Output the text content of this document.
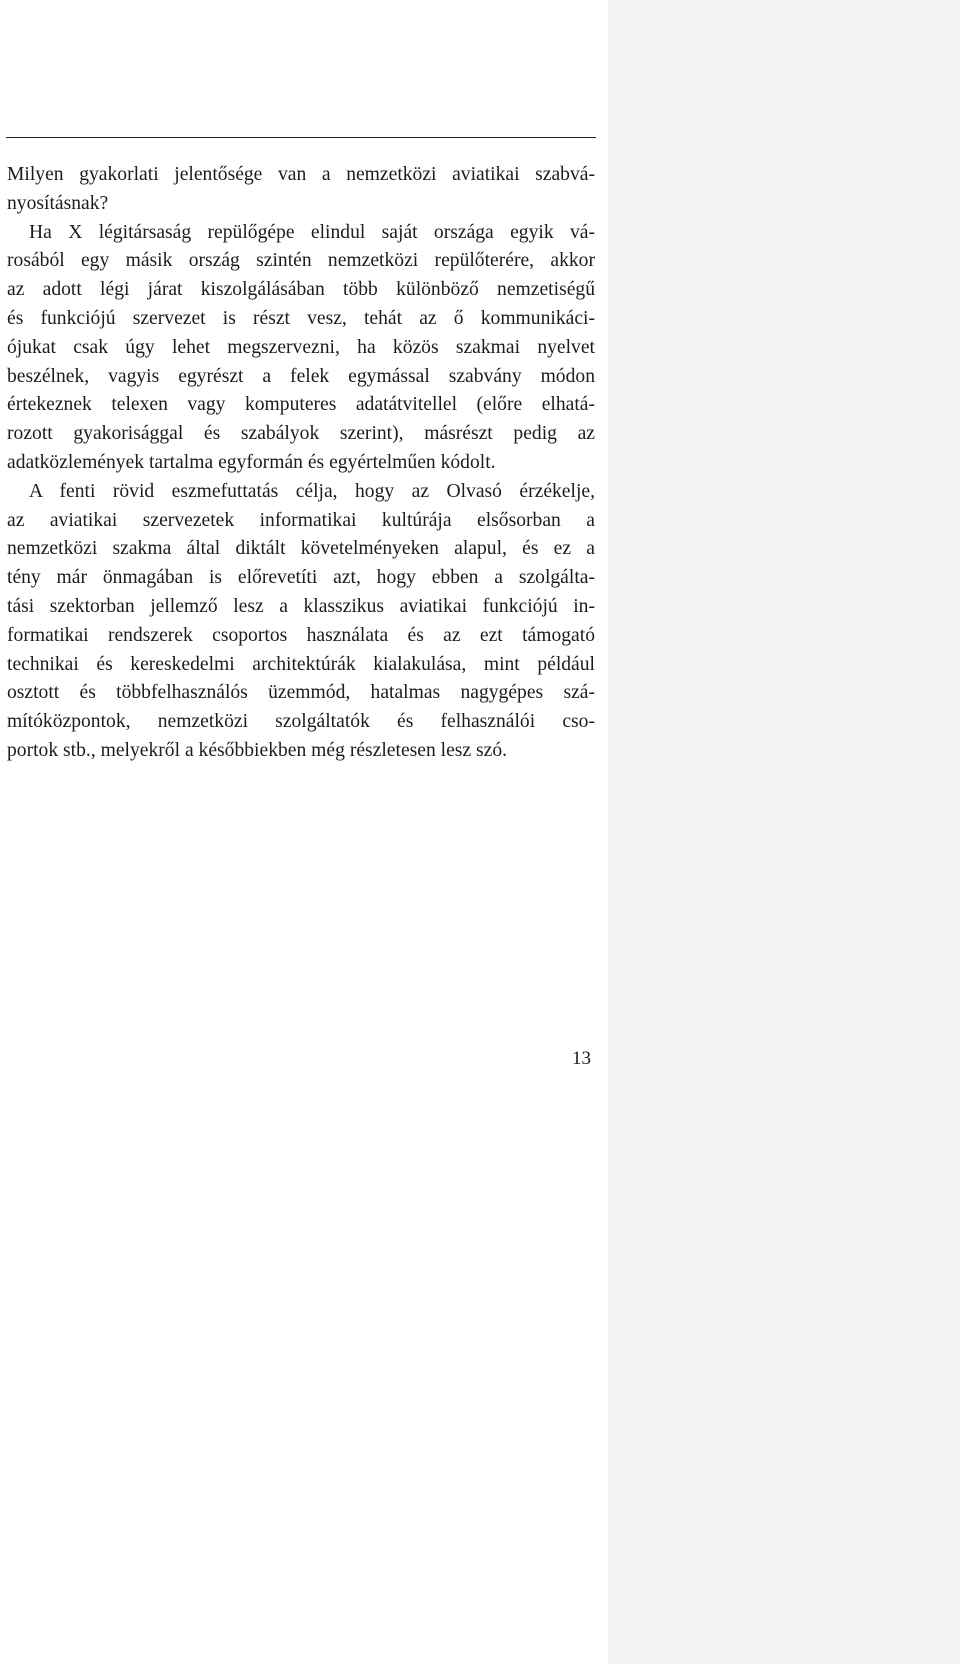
Milyen gyakorlati jelentősége van a nemzetközi aviatikai szabvá-
nyosításnak?
Ha X légitársaság repülőgépe elindul saját országa egyik vá-
rosából egy másik ország szintén nemzetközi repülőterére, akkor
az adott légi járat kiszolgálásában több különböző nemzetiségű
és funkciójú szervezet is részt vesz, tehát az ő kommunikáci-
ójukat csak úgy lehet megszervezni, ha közös szakmai nyelvet
beszélnek, vagyis egyrészt a felek egymással szabvány módon
értekeznek telexen vagy komputeres adatátvitellel (előre elhatá-
rozott gyakorisággal és szabályok szerint), másrészt pedig az
adatközlemények tartalma egyformán és egyértelműen kódolt.
A fenti rövid eszmefuttatás célja, hogy az Olvasó érzékelje,
az aviatikai szervezetek informatikai kultúrája elsősorban a
nemzetközi szakma által diktált követelményeken alapul, és ez a
tény már önmagában is előrevetíti azt, hogy ebben a szolgálta-
tási szektorban jellemző lesz a klasszikus aviatikai funkciójú in-
formatikai rendszerek csoportos használata és az ezt támogató
technikai és kereskedelmi architektúrák kialakulása, mint például
osztott és többfelhasználós üzemmód, hatalmas nagygépes szá-
mítóközpontok, nemzetközi szolgáltatók és felhasználói cso-
portok stb., melyekről a későbbiekben még részletesen lesz szó.
13
